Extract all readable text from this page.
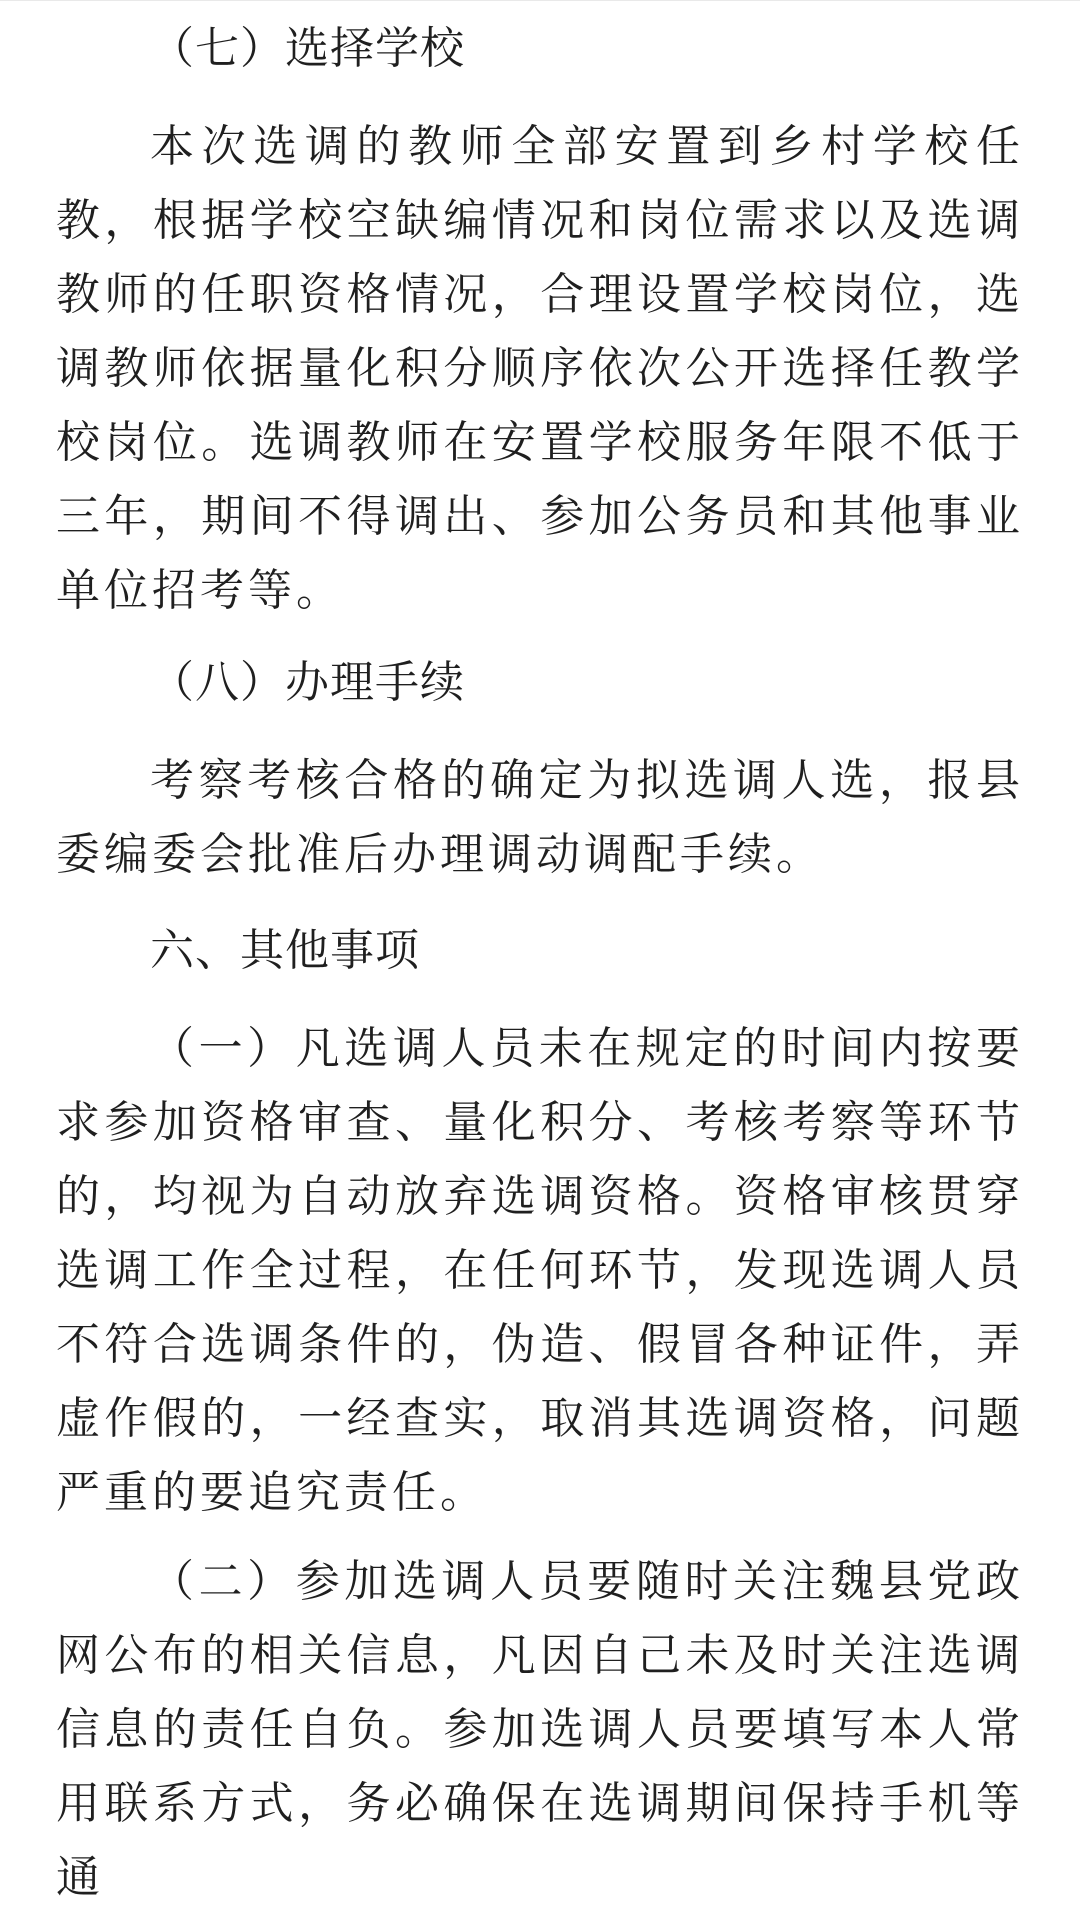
（七）选择学校

本次选调的教师全部安置到乡村学校任教，根据学校空缺编情况和岗位需求以及选调教师的任职资格情况，合理设置学校岗位，选调教师依据量化积分顺序依次公开选择任教学校岗位。选调教师在安置学校服务年限不低于三年，期间不得调出、参加公务员和其他事业单位招考等。

（八）办理手续

考察考核合格的确定为拟选调人选，报县委编委会批准后办理调动调配手续。

六、其他事项

（一）凡选调人员未在规定的时间内按要求参加资格审查、量化积分、考核考察等环节的，均视为自动放弃选调资格。资格审核贯穿选调工作全过程，在任何环节，发现选调人员不符合选调条件的，伪造、假冒各种证件，弄虚作假的，一经查实，取消其选调资格，问题严重的要追究责任。

（二）参加选调人员要随时关注魏县党政网公布的相关信息，凡因自己未及时关注选调信息的责任自负。参加选调人员要填写本人常用联系方式，务必确保在选调期间保持手机等通
